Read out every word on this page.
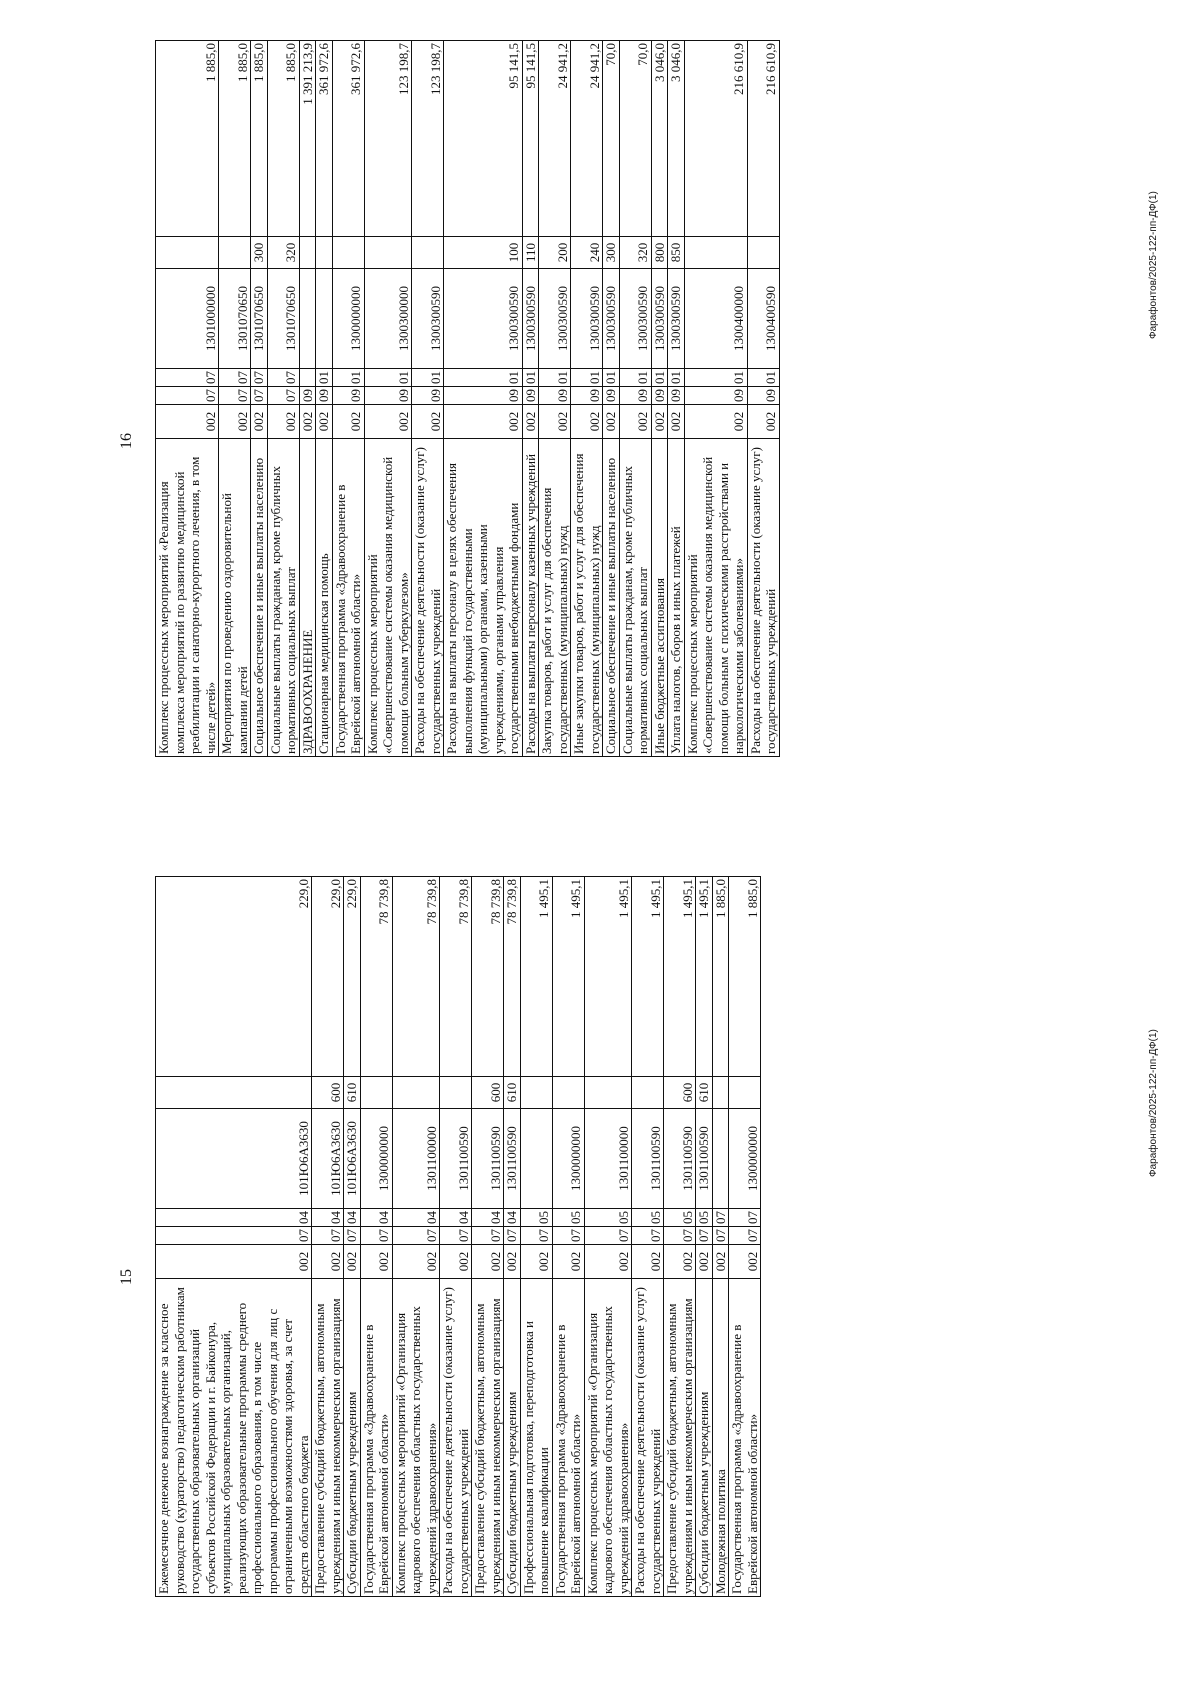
15
Ежемесячное денежное вознаграждение за классное руководство (кураторство) педагогическим работникам государственных образовательных организаций субъектов Российской Федерации и г. Байконура, муниципальных образовательных организаций, реализующих образовательные программы среднего профессионального образования, в том числе программы профессионального обучения для лиц с ограниченными возможностями здоровья, за счет средств областного бюджета	002	07	04	101Ю6А3630		229,0
Предоставление субсидий бюджетным, автономным учреждениям и иным некоммерческим организациям	002	07	04	101Ю6А3630	600	229,0
Субсидии бюджетным учреждениям	002	07	04	101Ю6А3630	610	229,0
Государственная программа «Здравоохранение в Еврейской автономной области»	002	07	04	1300000000		78 739,8
Комплекс процессных мероприятий «Организация кадрового обеспечения областных государственных учреждений здравоохранения»	002	07	04	1301100000		78 739,8
Расходы на обеспечение деятельности (оказание услуг) государственных учреждений	002	07	04	1301100590		78 739,8
Предоставление субсидий бюджетным, автономным учреждениям и иным некоммерческим организациям	002	07	04	1301100590	600	78 739,8
Субсидии бюджетным учреждениям	002	07	04	1301100590	610	78 739,8
Профессиональная подготовка, переподготовка и повышение квалификации	002	07	05			1 495,1
Государственная программа «Здравоохранение в Еврейской автономной области»	002	07	05	1300000000		1 495,1
Комплекс процессных мероприятий «Организация кадрового обеспечения областных государственных учреждений здравоохранения»	002	07	05	1301100000		1 495,1
Расходы на обеспечение деятельности (оказание услуг) государственных учреждений	002	07	05	1301100590		1 495,1
Предоставление субсидий бюджетным, автономным учреждениям и иным некоммерческим организациям	002	07	05	1301100590	600	1 495,1
Субсидии бюджетным учреждениям	002	07	05	1301100590	610	1 495,1
Молодежная политика	002	07	07			1 885,0
Государственная программа «Здравоохранение в Еврейской автономной области»	002	07	07	1300000000		1 885,0
Фарафонтов/2025-122-пп-ДФ(1)
16
Комплекс процессных мероприятий «Реализация комплекса мероприятий по развитию медицинской реабилитации и санаторно-курортного лечения, в том числе детей»	002	07	07	1301000000		1 885,0
Мероприятия по проведению оздоровительной кампании детей	002	07	07	1301070650		1 885,0
Социальное обеспечение и иные выплаты населению	002	07	07	1301070650	300	1 885,0
Социальные выплаты гражданам, кроме публичных нормативных социальных выплат	002	07	07	1301070650	320	1 885,0
ЗДРАВООХРАНЕНИЕ	002	09				1 391 213,9
Стационарная медицинская помощь	002	09	01			361 972,6
Государственная программа «Здравоохранение в Еврейской автономной области»	002	09	01	1300000000		361 972,6
Комплекс процессных мероприятий «Совершенствование системы оказания медицинской помощи больным туберкулезом»	002	09	01	1300300000		123 198,7
Расходы на обеспечение деятельности (оказание услуг) государственных учреждений	002	09	01	1300300590		123 198,7
Расходы на выплаты персоналу в целях обеспечения выполнения функций государственными (муниципальными) органами, казенными учреждениями, органами управления государственными внебюджетными фондами	002	09	01	1300300590	100	95 141,5
Расходы на выплаты персоналу казенных учреждений	002	09	01	1300300590	110	95 141,5
Закупка товаров, работ и услуг для обеспечения государственных (муниципальных) нужд	002	09	01	1300300590	200	24 941,2
Иные закупки товаров, работ и услуг для обеспечения государственных (муниципальных) нужд	002	09	01	1300300590	240	24 941,2
Социальное обеспечение и иные выплаты населению	002	09	01	1300300590	300	70,0
Социальные выплаты гражданам, кроме публичных нормативных социальных выплат	002	09	01	1300300590	320	70,0
Иные бюджетные ассигнования	002	09	01	1300300590	800	3 046,0
Уплата налогов, сборов и иных платежей	002	09	01	1300300590	850	3 046,0
Комплекс процессных мероприятий «Совершенствование системы оказания медицинской помощи больным с психическими расстройствами и наркологическими заболеваниями»	002	09	01	1300400000		216 610,9
Расходы на обеспечение деятельности (оказание услуг) государственных учреждений	002	09	01	1300400590		216 610,9
Фарафонтов/2025-122-пп-ДФ(1)
